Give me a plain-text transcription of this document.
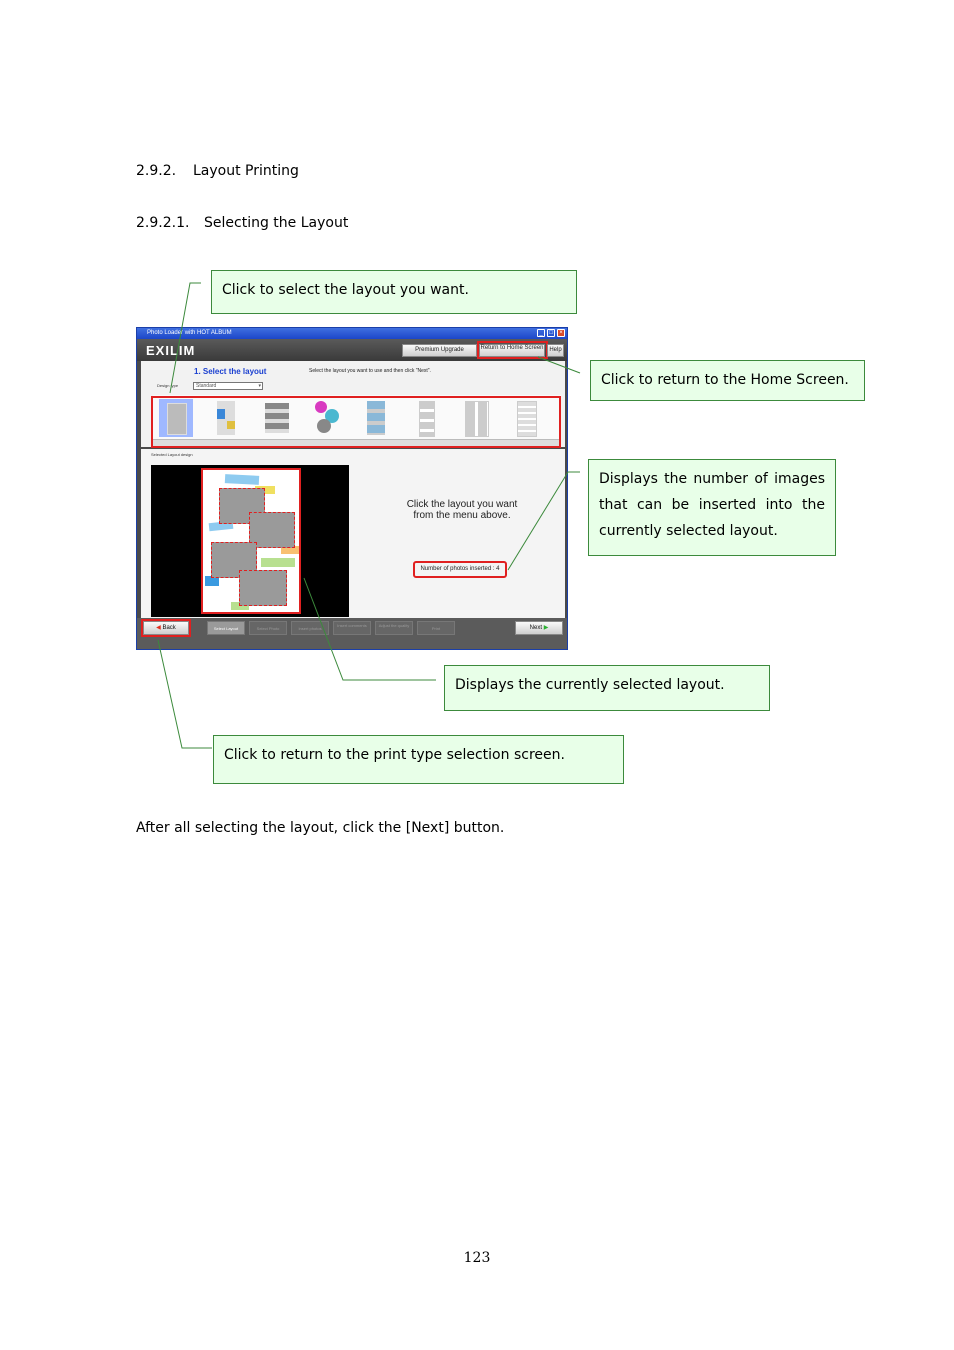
2.9.2. Layout Printing
2.9.2.1. Selecting the Layout
Photo Loader with HOT ALBUM	_	□	×
EXILIM	Premium Upgrade	Return to Home Screen Help
1. Select the layout	Select the layout you want to use and then click "Next".
Design type	Standard	▾
Selected Layout design
Click the layout you want from the menu above.
Number of photos inserted : 4
◀ Back	Select Layout	Select Photo	Insert photos
Insert comments	Adjust the quality
Print	Next ▶
Click to select the layout you want.
Click to return to the Home Screen.
Displays the number of images that can be inserted into the currently selected layout.
Displays the currently selected layout.
Click to return to the print type selection screen.
After all selecting the layout, click the [Next] button.
123
